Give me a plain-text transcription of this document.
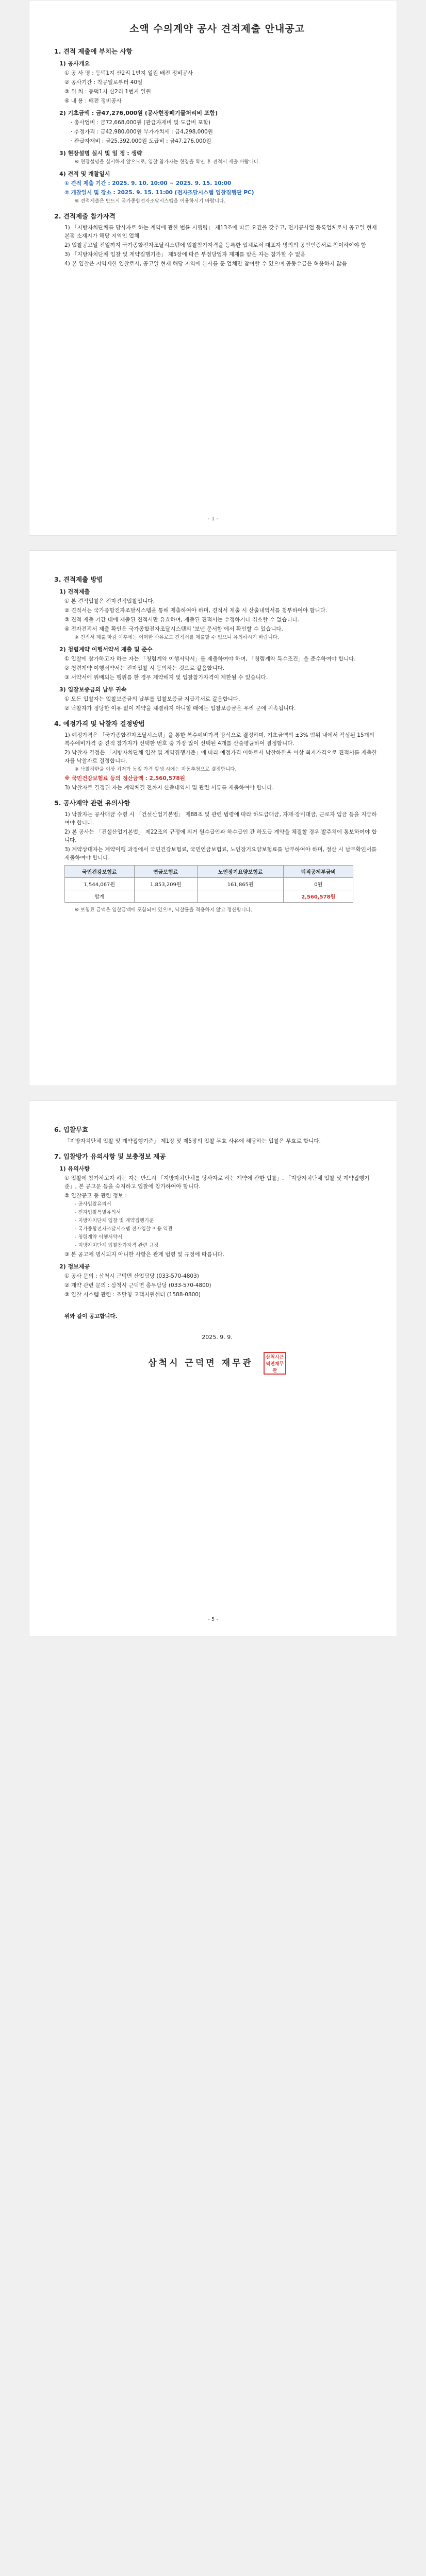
소액 수의계약 공사 견적제출 안내공고
1. 견적 제출에 부치는 사항
1) 공사개요
① 공 사 명 : 등덕1지 산2리 1번지 일원 배전 정비공사
② 공사기간 : 착공일로부터 40일
③ 위 치 : 등덕1지 산2리 1번지 일원
④ 내 용 : 배전 정비공사
2) 기초금액 : 금47,276,000원 (공사현장폐기물처리비 포함)
· 총사업비 : 금72,668,000원 (관급자재비 및 도급비 포함)
· 추정가격 : 금42,980,000원 부가가치세 : 금4,298,000원
· 관급자재비 : 금25,392,000원 도급비 : 금47,276,000원
3) 현장설명 실시 및 일 정 : 생략
※ 현장설명을 실시하지 않으므로, 입찰 참가자는 현장을 확인 후 견적서 제출 바랍니다.
4) 견적 및 개찰일시
① 견적 제출 기간 : 2025. 9. 10. 10:00 ~ 2025. 9. 15. 10:00
② 개찰일시 및 장소 : 2025. 9. 15. 11:00 (전자조달시스템 입찰집행관 PC)
※ 견적제출은 반드시 국가종합전자조달시스템을 이용하시기 바랍니다.
2. 견적제출 참가자격
1) 「지방자치단체를 당사자로 하는 계약에 관한 법률 시행령」 제13조에 따른 요건을 갖추고, 전기공사업 등록업체로서 공고일 현재 본점 소재지가 해당 지역인 업체
2) 입찰공고일 전일까지 국가종합전자조달시스템에 입찰참가자격을 등록한 업체로서 대표자 명의의 공인인증서로 참여하여야 함
3) 「지방자치단체 입찰 및 계약집행기준」 제5장에 따른 부정당업자 제재를 받은 자는 참가할 수 없음
4) 본 입찰은 지역제한 입찰로서, 공고일 현재 해당 지역에 본사를 둔 업체만 참여할 수 있으며 공동수급은 허용하지 않음
- 1 -
3. 견적제출 방법
1) 견적제출
① 본 견적입찰은 전자견적입찰입니다.
② 견적서는 국가종합전자조달시스템을 통해 제출하여야 하며, 견적서 제출 시 산출내역서를 첨부하여야 합니다.
③ 견적 제출 기간 내에 제출된 견적서만 유효하며, 제출된 견적서는 수정하거나 취소할 수 없습니다.
④ 전자견적서 제출 확인은 국가종합전자조달시스템의 '보낸 문서함'에서 확인할 수 있습니다.
※ 견적서 제출 마감 이후에는 어떠한 사유로도 견적서를 제출할 수 없으니 유의하시기 바랍니다.
2) 청렴계약 이행서약서 제출 및 준수
① 입찰에 참가하고자 하는 자는 「청렴계약 이행서약서」를 제출하여야 하며, 「청렴계약 특수조건」을 준수하여야 합니다.
② 청렴계약 이행서약서는 전자입찰 시 동의하는 것으로 갈음합니다.
③ 서약서에 위배되는 행위를 한 경우 계약해지 및 입찰참가자격이 제한될 수 있습니다.
3) 입찰보증금의 납부 귀속
① 모든 입찰자는 입찰보증금의 납부를 입찰보증금 지급각서로 갈음합니다.
② 낙찰자가 정당한 이유 없이 계약을 체결하지 아니할 때에는 입찰보증금은 우리 군에 귀속됩니다.
4. 예정가격 및 낙찰자 결정방법
1) 예정가격은 「국가종합전자조달시스템」을 통한 복수예비가격 방식으로 결정하며, 기초금액의 ±3% 범위 내에서 작성된 15개의 복수예비가격 중 견적 참가자가 선택한 번호 중 가장 많이 선택된 4개를 산술평균하여 결정합니다.
2) 낙찰자 결정은 「지방자치단체 입찰 및 계약집행기준」에 따라 예정가격 이하로서 낙찰하한율 이상 최저가격으로 견적서를 제출한 자를 낙찰자로 결정합니다.
※ 낙찰하한율 이상 최저가 동일 가격 발생 시에는 자동추첨으로 결정합니다.
※ 국민건강보험료 등의 정산금액 : 2,560,578원
3) 낙찰자로 결정된 자는 계약체결 전까지 산출내역서 및 관련 서류를 제출하여야 합니다.
5. 공사계약 관련 유의사항
1) 낙찰자는 공사대금 수령 시 「건설산업기본법」 제88조 및 관련 법령에 따라 하도급대금, 자재·장비대금, 근로자 임금 등을 지급하여야 합니다.
2) 본 공사는 「건설산업기본법」 제22조의 규정에 의거 원수급인과 하수급인 간 하도급 계약을 체결할 경우 발주처에 통보하여야 합니다.
3) 계약상대자는 계약이행 과정에서 국민건강보험료, 국민연금보험료, 노인장기요양보험료를 납부하여야 하며, 정산 시 납부확인서를 제출하여야 합니다.
국민건강보험료	연금보험료	노인장기요양보험료	퇴직공제부금비
1,544,067원	1,853,209원	161,865원	0원
합계			2,560,578원
※ 보험료 금액은 입찰금액에 포함되어 있으며, 낙찰률을 적용하지 않고 정산합니다.
6. 입찰무효
「지방자치단체 입찰 및 계약집행기준」 제1장 및 제5장의 입찰 무효 사유에 해당하는 입찰은 무효로 합니다.
7. 입찰방가 유의사항 및 보충정보 제공
1) 유의사항
① 입찰에 참가하고자 하는 자는 반드시 「지방자치단체를 당사자로 하는 계약에 관한 법률」, 「지방자치단체 입찰 및 계약집행기준」, 본 공고문 등을 숙지하고 입찰에 참가하여야 합니다.
② 입찰공고 등 관련 정보 :
- 공사입찰유의서
- 전자입찰특별유의서
- 지방자치단체 입찰 및 계약집행기준
- 국가종합전자조달시스템 전자입찰 이용 약관
- 청렴계약 이행서약서
- 지방자치단체 입찰참가자격 관련 규정
③ 본 공고에 명시되지 아니한 사항은 관계 법령 및 규정에 따릅니다.
2) 정보제공
① 공사 문의 : 삼척시 근덕면 산업담당 (033-570-4803)
② 계약 관련 문의 : 삼척시 근덕면 총무담당 (033-570-4800)
③ 입찰 시스템 관련 : 조달청 고객지원센터 (1588-0800)
위와 같이 공고합니다.
2025. 9. 9.
삼척시 근덕면 재무관 삼척시근덕면재무관
- 5 -
